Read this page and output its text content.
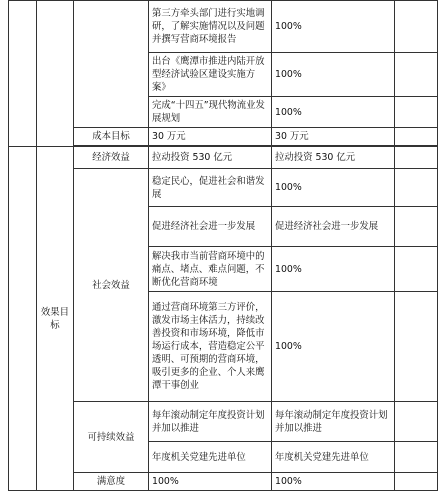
			第三方牵头部门进行实地调研，了解实施情况以及问题并撰写营商环境报告	100%	
			出台《鹰潭市推进内陆开放型经济试验区建设实施方案》	100%	
			完成“十四五”现代物流业发展规划	100%	
		成本目标	30 万元	30 万元	

	效果目标	经济效益	拉动投资 530 亿元	拉动投资 530 亿元	
		社会效益	稳定民心，促进社会和谐发展	100%	
			促进经济社会进一步发展	促进经济社会进一步发展	
			解决我市当前营商环境中的痛点、堵点、难点问题，不断优化营商环境	100%	
			通过营商环境第三方评价，激发市场主体活力，持续改善投资和市场环境，降低市场运行成本，营造稳定公平透明、可预期的营商环境，吸引更多的企业、个人来鹰潭干事创业	100%	
		可持续效益	每年滚动制定年度投资计划并加以推进	每年滚动制定年度投资计划并加以推进	
			年度机关党建先进单位	年度机关党建先进单位	
		满意度	100%	100%	
